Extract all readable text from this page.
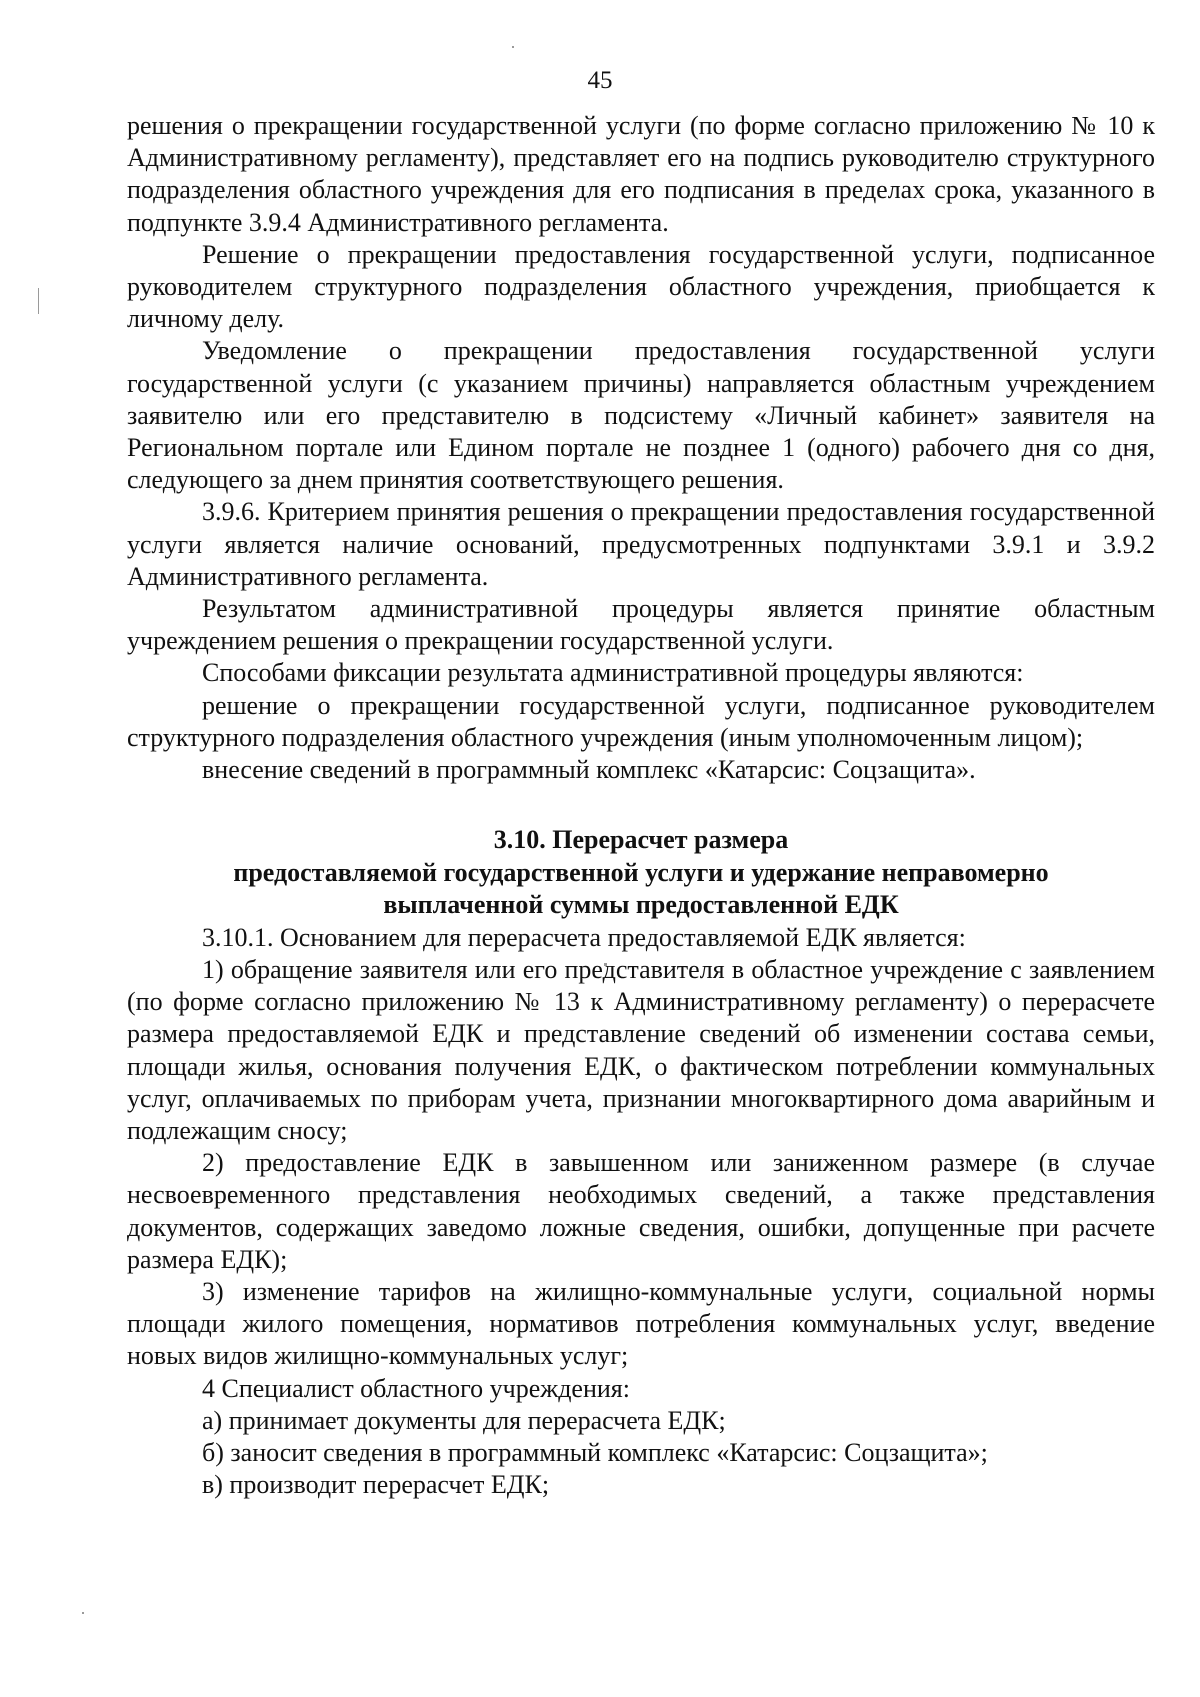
45

решения о прекращении государственной услуги (по форме согласно приложению № 10 к Административному регламенту), представляет его на подпись руководителю структурного подразделения областного учреждения для его подписания в пределах срока, указанного в подпункте 3.9.4 Административного регламента.

Решение о прекращении предоставления государственной услуги, подписанное руководителем структурного подразделения областного учреждения, приобщается к личному делу.

Уведомление о прекращении предоставления государственной услуги государственной услуги (с указанием причины) направляется областным учреждением заявителю или его представителю в подсистему «Личный кабинет» заявителя на Региональном портале или Едином портале не позднее 1 (одного) рабочего дня со дня, следующего за днем принятия соответствующего решения.

3.9.6. Критерием принятия решения о прекращении предоставления государственной услуги является наличие оснований, предусмотренных подпунктами 3.9.1 и 3.9.2 Административного регламента.

Результатом административной процедуры является принятие областным учреждением решения о прекращении государственной услуги.

Способами фиксации результата административной процедуры являются:

решение о прекращении государственной услуги, подписанное руководителем структурного подразделения областного учреждения (иным уполномоченным лицом);

внесение сведений в программный комплекс «Катарсис: Соцзащита».

3.10. Перерасчет размера
предоставляемой государственной услуги и удержание неправомерно
выплаченной суммы предоставленной ЕДК

3.10.1. Основанием для перерасчета предоставляемой ЕДК является:

1) обращение заявителя или его представителя в областное учреждение с заявлением (по форме согласно приложению № 13 к Административному регламенту) о перерасчете размера предоставляемой ЕДК и представление сведений об изменении состава семьи, площади жилья, основания получения ЕДК, о фактическом потреблении коммунальных услуг, оплачиваемых по приборам учета, признании многоквартирного дома аварийным и подлежащим сносу;

2) предоставление ЕДК в завышенном или заниженном размере (в случае несвоевременного представления необходимых сведений, а также представления документов, содержащих заведомо ложные сведения, ошибки, допущенные при расчете размера ЕДК);

3) изменение тарифов на жилищно-коммунальные услуги, социальной нормы площади жилого помещения, нормативов потребления коммунальных услуг, введение новых видов жилищно-коммунальных услуг;

4 Специалист областного учреждения:

а) принимает документы для перерасчета ЕДК;

б) заносит сведения в программный комплекс «Катарсис: Соцзащита»;

в) производит перерасчет ЕДК;
